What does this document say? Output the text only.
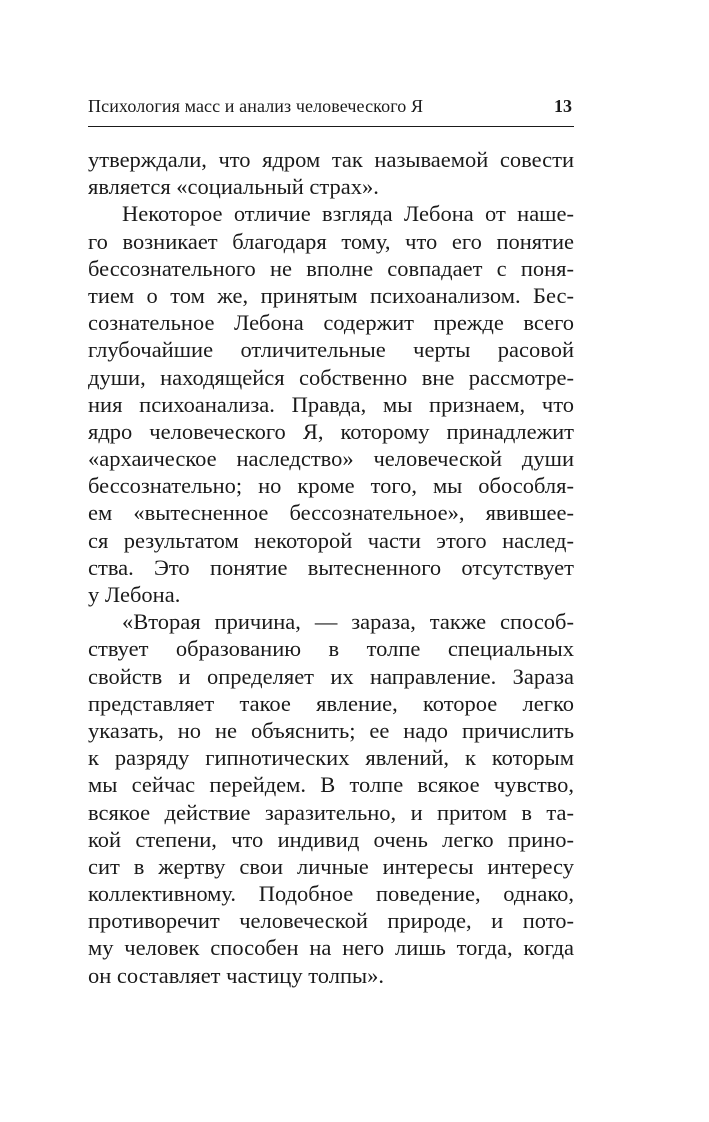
Психология масс и анализ человеческого Я	13
утверждали, что ядром так называемой совести
является «социальный страх».
Некоторое отличие взгляда Лебона от наше-
го возникает благодаря тому, что его понятие
бессознательного не вполне совпадает с поня-
тием о том же, принятым психоанализом. Бес-
сознательное Лебона содержит прежде всего
глубочайшие отличительные черты расовой
души, находящейся собственно вне рассмотре-
ния психоанализа. Правда, мы признаем, что
ядро человеческого Я, которому принадлежит
«архаическое наследство» человеческой души
бессознательно; но кроме того, мы обособля-
ем «вытесненное бессознательное», явившее-
ся результатом некоторой части этого наслед-
ства. Это понятие вытесненного отсутствует
у Лебона.
«Вторая причина, — зараза, также способ-
ствует образованию в толпе специальных
свойств и определяет их направление. Зараза
представляет такое явление, которое легко
указать, но не объяснить; ее надо причислить
к разряду гипнотических явлений, к которым
мы сейчас перейдем. В толпе всякое чувство,
всякое действие заразительно, и притом в та-
кой степени, что индивид очень легко прино-
сит в жертву свои личные интересы интересу
коллективному. Подобное поведение, однако,
противоречит человеческой природе, и пото-
му человек способен на него лишь тогда, когда
он составляет частицу толпы».
